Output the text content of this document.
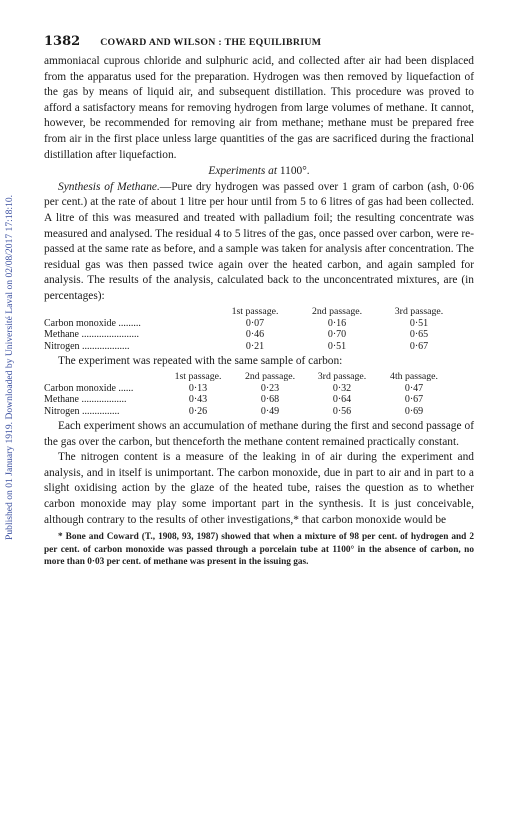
Published on 01 January 1919. Downloaded by Université Laval on 02/08/2017 17:18:10.
1382 COWARD AND WILSON : THE EQUILIBRIUM

ammoniacal cuprous chloride and sulphuric acid, and collected after air had been displaced from the apparatus used for the preparation. Hydrogen was then removed by liquefaction of the gas by means of liquid air, and subsequent distillation. This procedure was proved to afford a satisfactory means for removing hydrogen from large volumes of methane. It cannot, however, be recommended for removing air from methane; methane must be prepared free from air in the first place unless large quantities of the gas are sacrificed during the fractional distillation after liquefaction.

Experiments at 1100°.

Synthesis of Methane.—Pure dry hydrogen was passed over 1 gram of carbon (ash, 0·06 per cent.) at the rate of about 1 litre per hour until from 5 to 6 litres of gas had been collected. A litre of this was measured and treated with palladium foil; the resulting concentrate was measured and analysed. The residual 4 to 5 litres of the gas, once passed over carbon, were re-passed at the same rate as before, and a sample was taken for analysis after concentration. The residual gas was then passed twice again over the heated carbon, and again sampled for analysis. The results of the analysis, calculated back to the unconcentrated mixtures, are (in percentages):

	1st passage.	2nd passage.	3rd passage.
Carbon monoxide .........	0·07	0·16	0·51
Methane .......................	0·46	0·70	0·65
Nitrogen ...................	0·21	0·51	0·67

The experiment was repeated with the same sample of carbon:

	1st passage.	2nd passage.	3rd passage.	4th passage.
Carbon monoxide ......	0·13	0·23	0·32	0·47
Methane ..................	0·43	0·68	0·64	0·67
Nitrogen ...............	0·26	0·49	0·56	0·69

Each experiment shows an accumulation of methane during the first and second passage of the gas over the carbon, but thenceforth the methane content remained practically constant.

The nitrogen content is a measure of the leaking in of air during the experiment and analysis, and in itself is unimportant. The carbon monoxide, due in part to air and in part to a slight oxidising action by the glaze of the heated tube, raises the question as to whether carbon monoxide may play some important part in the synthesis. It is just conceivable, although contrary to the results of other investigations,* that carbon monoxide would be

* Bone and Coward (T., 1908, 93, 1987) showed that when a mixture of 98 per cent. of hydrogen and 2 per cent. of carbon monoxide was passed through a porcelain tube at 1100° in the absence of carbon, no more than 0·03 per cent. of methane was present in the issuing gas.
